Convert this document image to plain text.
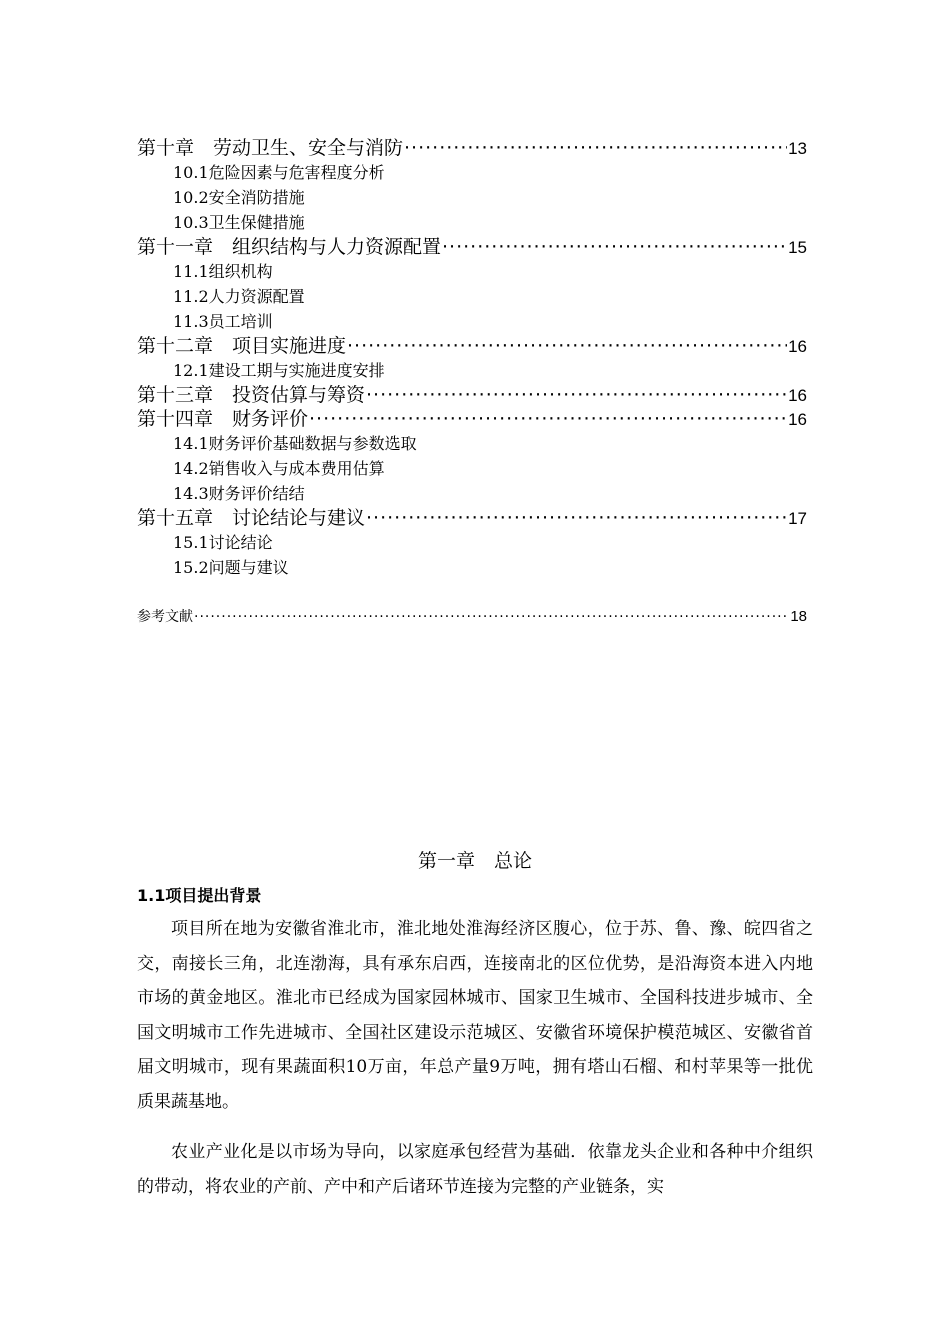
第十章　劳动卫生、安全与消防 ·····	13
10.1危险因素与危害程度分析
10.2安全消防措施
10.3卫生保健措施
第十一章　组织结构与人力资源配置 ·····	15
11.1组织机构
11.2人力资源配置
11.3员工培训
第十二章　项目实施进度 ·····	16
12.1建设工期与实施进度安排
第十三章　投资估算与筹资 ·····	16
第十四章　财务评价 ·····	16
14.1财务评价基础数据与参数选取
14.2销售收入与成本费用估算
14.3财务评价结结
第十五章　讨论结论与建议 ·····	17
15.1讨论结论
15.2问题与建议
参考文献 ·····	18
第一章　总论
1.1项目提出背景

项目所在地为安徽省淮北市，淮北地处淮海经济区腹心，位于苏、鲁、豫、皖四省之交，南接长三角，北连渤海，具有承东启西，连接南北的区位优势，是沿海资本进入内地市场的黄金地区。淮北市已经成为国家园林城市、国家卫生城市、全国科技进步城市、全国文明城市工作先进城市、全国社区建设示范城区、安徽省环境保护模范城区、安徽省首届文明城市，现有果蔬面积10万亩，年总产量9万吨，拥有塔山石榴、和村苹果等一批优质果蔬基地。

农业产业化是以市场为导向，以家庭承包经营为基础．依靠龙头企业和各种中介组织的带动，将农业的产前、产中和产后诸环节连接为完整的产业链条，实
